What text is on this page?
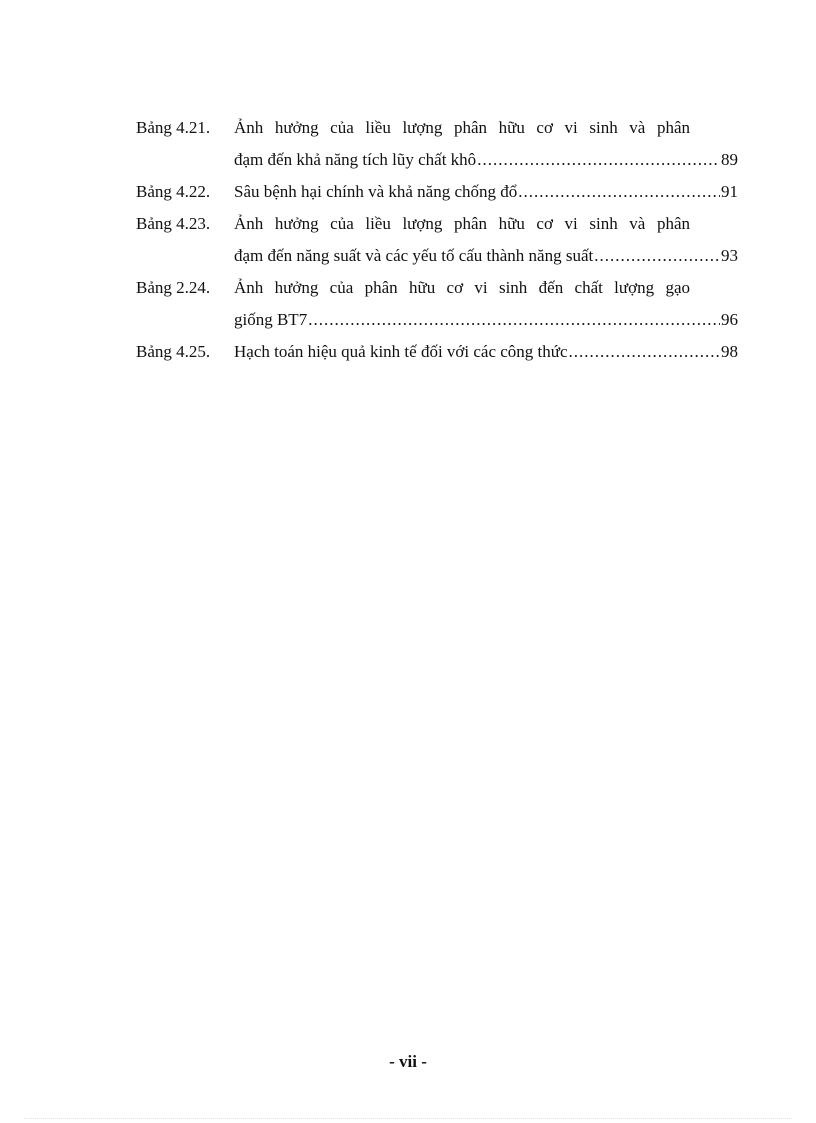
Bảng 4.21.	Ảnh hưởng của liều lượng phân hữu cơ vi sinh và phân
đạm đến khả năng tích lũy chất khô .....	89
Bảng 4.22.	Sâu bệnh hại chính và khả năng chống đổ .....	91
Bảng 4.23.	Ảnh hưởng của liều lượng phân hữu cơ vi sinh và phân
đạm đến năng suất và các yếu tố cấu thành năng suất .....	93
Bảng 2.24.	Ảnh hưởng của phân hữu cơ vi sinh đến chất lượng gạo
giống BT7 .....	96
Bảng 4.25.	Hạch toán hiệu quả kinh tế đối với các công thức .....	98
- vii -
